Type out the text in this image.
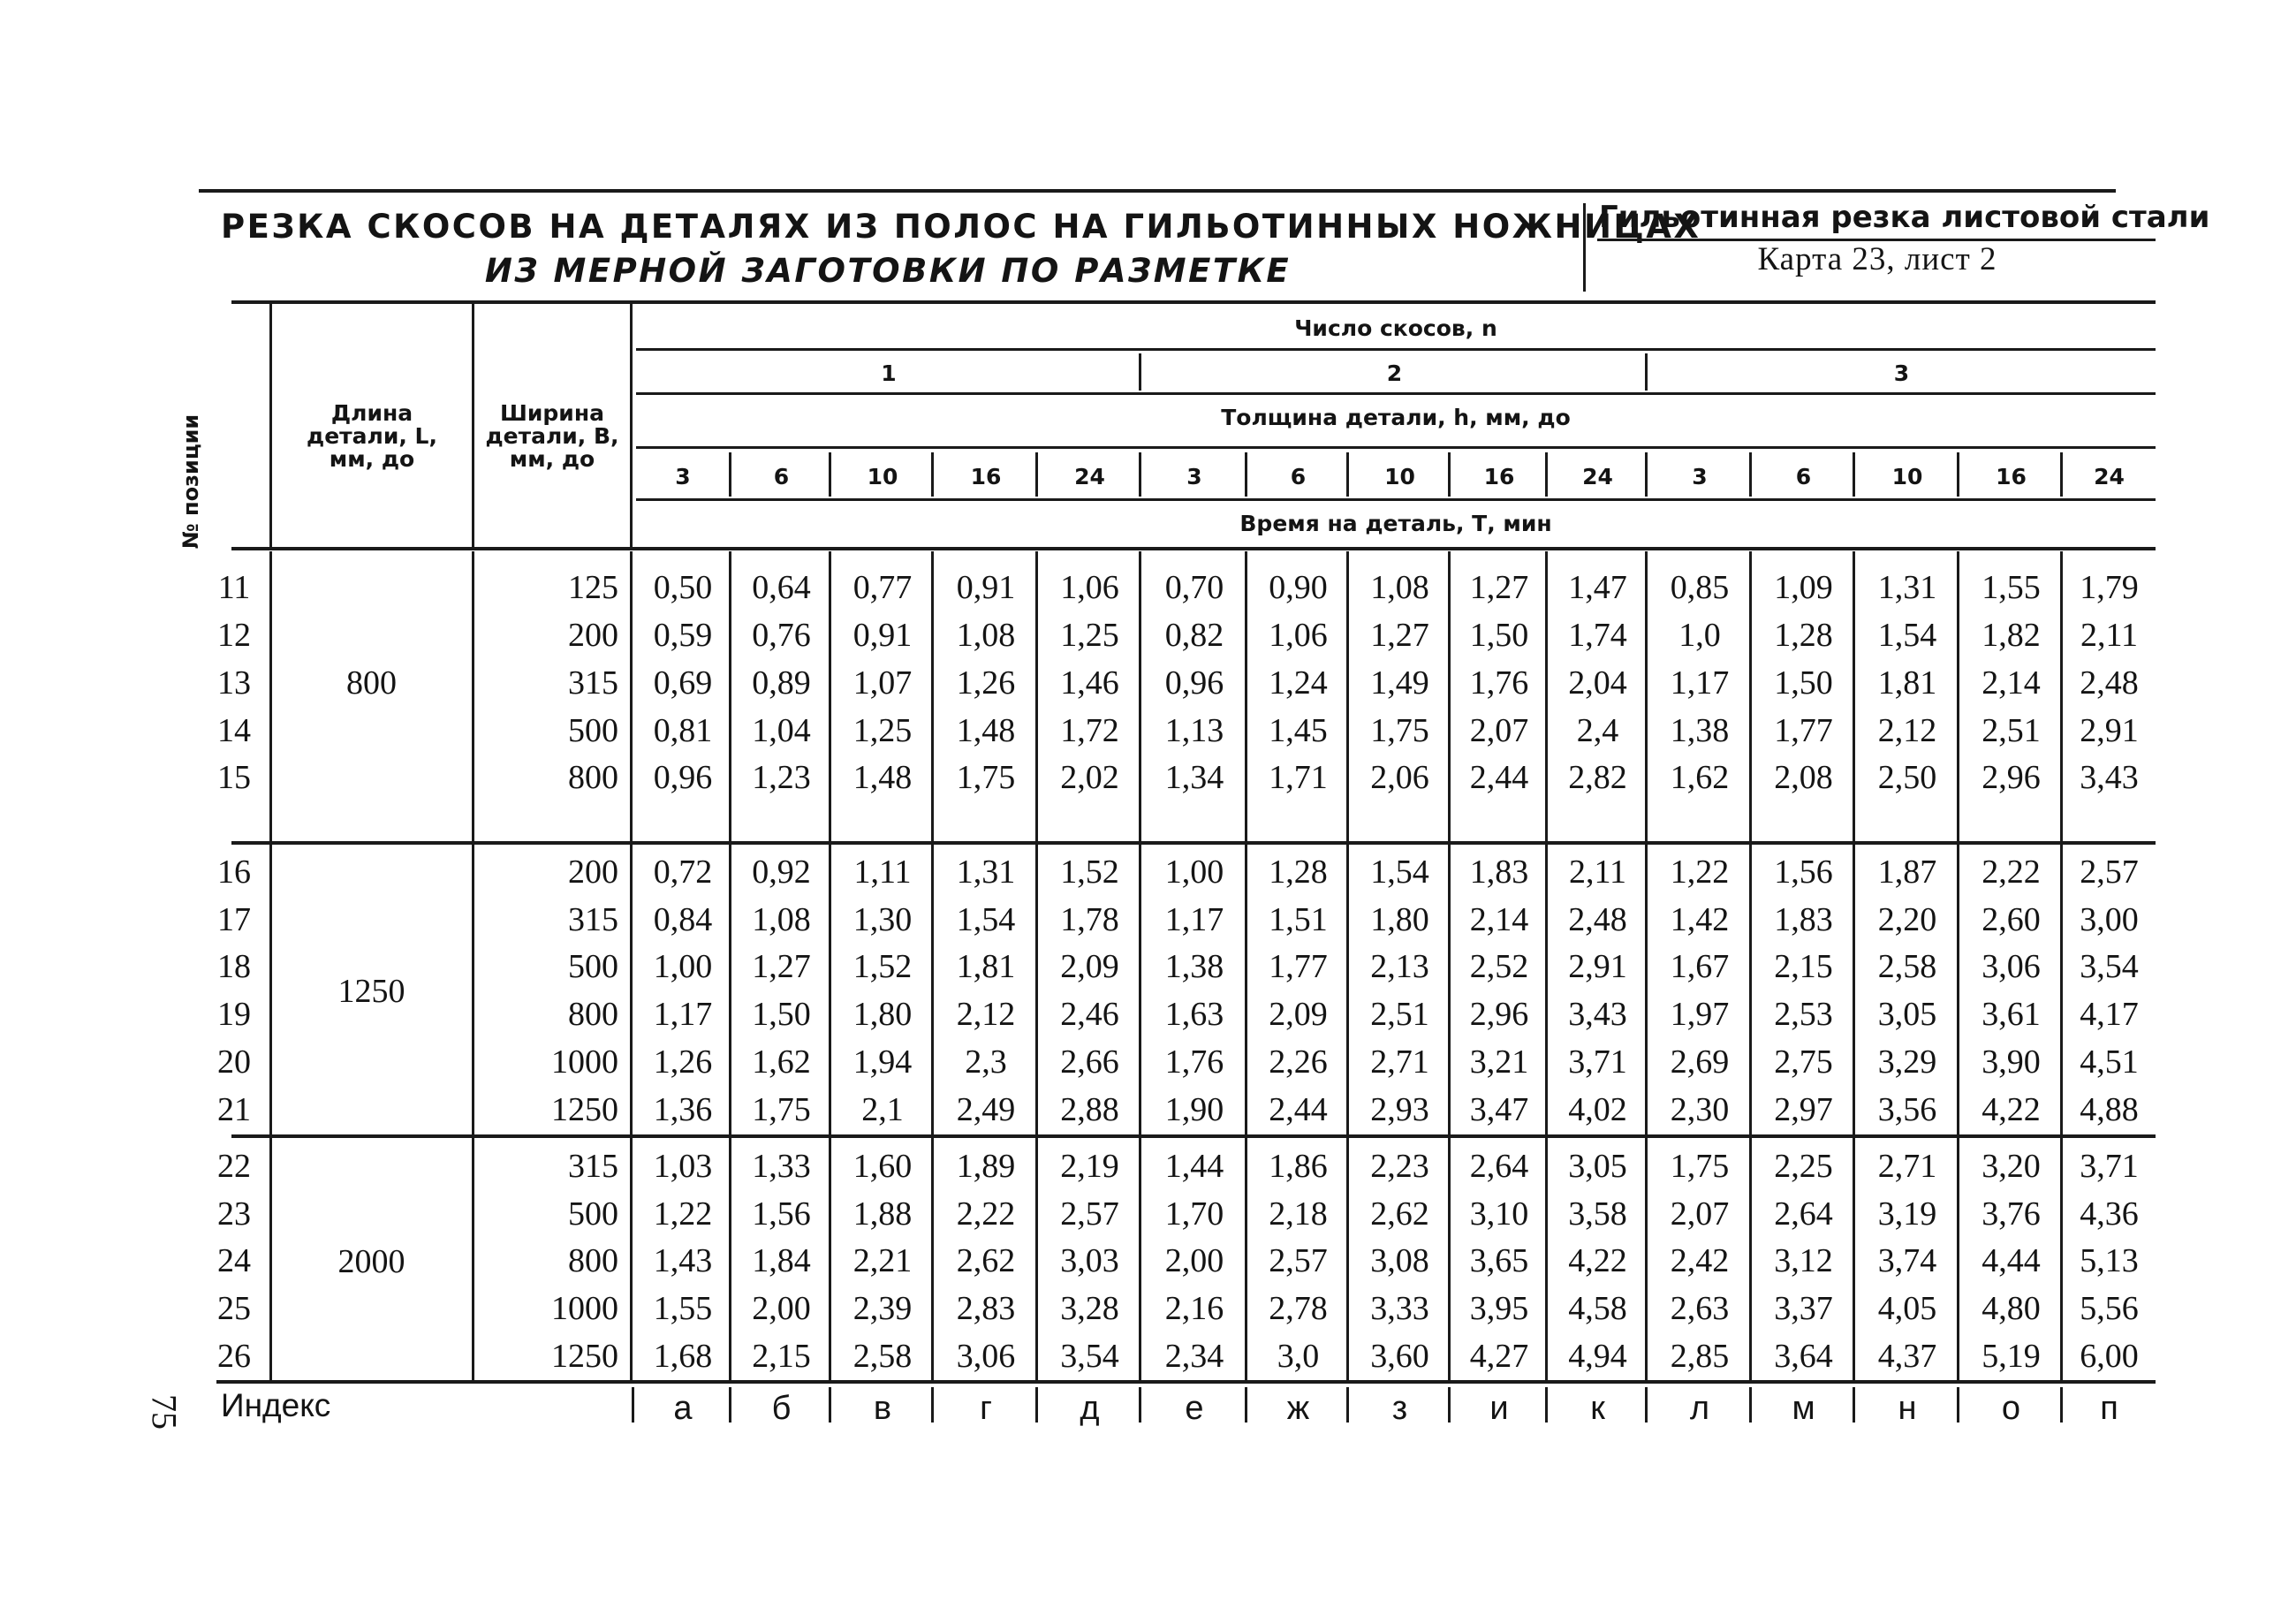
РЕЗКА СКОСОВ НА ДЕТАЛЯХ ИЗ ПОЛОС НА ГИЛЬОТИННЫХ НОЖНИЦАХ
ИЗ МЕРНОЙ ЗАГОТОВКИ ПО РАЗМЕТКЕ
Гильотинная резка листовой стали
Карта 23, лист 2
Длина детали, L, мм, до
Ширина детали, В, мм, до
Число скосов, n
1	2	3
Толщина детали, h, мм, до
3	6	10	16	24	3	6	10	16	24	3	6	10	16	24
Время на деталь, Т, мин
800
11	125	0,50	0,64	0,77	0,91	1,06	0,70	0,90	1,08	1,27	1,47	0,85	1,09	1,31	1,55	1,79
12	200	0,59	0,76	0,91	1,08	1,25	0,82	1,06	1,27	1,50	1,74	1,0	1,28	1,54	1,82	2,11
13	315	0,69	0,89	1,07	1,26	1,46	0,96	1,24	1,49	1,76	2,04	1,17	1,50	1,81	2,14	2,48
14	500	0,81	1,04	1,25	1,48	1,72	1,13	1,45	1,75	2,07	2,4	1,38	1,77	2,12	2,51	2,91
15	800	0,96	1,23	1,48	1,75	2,02	1,34	1,71	2,06	2,44	2,82	1,62	2,08	2,50	2,96	3,43
1250
16	200	0,72	0,92	1,11	1,31	1,52	1,00	1,28	1,54	1,83	2,11	1,22	1,56	1,87	2,22	2,57
17	315	0,84	1,08	1,30	1,54	1,78	1,17	1,51	1,80	2,14	2,48	1,42	1,83	2,20	2,60	3,00
18	500	1,00	1,27	1,52	1,81	2,09	1,38	1,77	2,13	2,52	2,91	1,67	2,15	2,58	3,06	3,54
19	800	1,17	1,50	1,80	2,12	2,46	1,63	2,09	2,51	2,96	3,43	1,97	2,53	3,05	3,61	4,17
20	1000	1,26	1,62	1,94	2,3	2,66	1,76	2,26	2,71	3,21	3,71	2,69	2,75	3,29	3,90	4,51
21	1250	1,36	1,75	2,1	2,49	2,88	1,90	2,44	2,93	3,47	4,02	2,30	2,97	3,56	4,22	4,88
2000
22	315	1,03	1,33	1,60	1,89	2,19	1,44	1,86	2,23	2,64	3,05	1,75	2,25	2,71	3,20	3,71
23	500	1,22	1,56	1,88	2,22	2,57	1,70	2,18	2,62	3,10	3,58	2,07	2,64	3,19	3,76	4,36
24	800	1,43	1,84	2,21	2,62	3,03	2,00	2,57	3,08	3,65	4,22	2,42	3,12	3,74	4,44	5,13
25	1000	1,55	2,00	2,39	2,83	3,28	2,16	2,78	3,33	3,95	4,58	2,63	3,37	4,05	4,80	5,56
26	1250	1,68	2,15	2,58	3,06	3,54	2,34	3,0	3,60	4,27	4,94	2,85	3,64	4,37	5,19	6,00
а	б	в	г	д	е	ж	з	и	к	л	м	н	о	п
№ позиции
Индекс
75
